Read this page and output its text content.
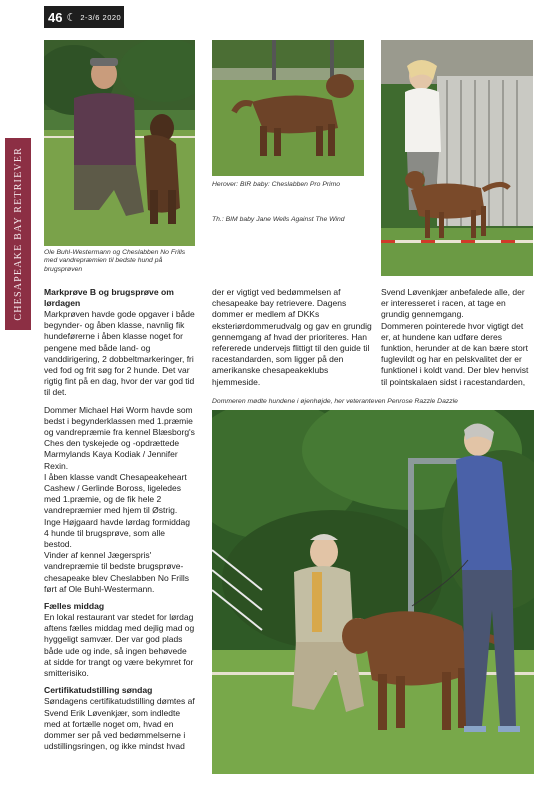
46 ☾ 2-3/6 2020
CHESAPEAKE BAY RETRIEVER	Ole Buhl-Westermann og Cheslabben No Frills med vandrepræmien til bedste hund på brugsprøven
Herover: BIR baby: Cheslabben Pro Primo
Th.: BIM baby Jane Wells Against The Wind
Markprøve B og brugsprøve om lørdagen

Markprøven havde gode opgaver i både begynder- og åben klasse, navnlig fik hundeførerne i åben klasse noget for pengene med både land- og vanddirigering, 2 dobbeltmarkeringer, fri ved fod og frit søg for 2 hunde. Det var rigtig fint på en dag, hvor der var god tid til det.

Dommer Michael Høi Worm havde som bedst i begynderklassen med 1.præmie og vandrepræmie fra kennel Blæsborg's Ches den tyskejede og -opdrættede Marmylands Kaya Kodiak / Jennifer Rexin.

I åben klasse vandt Chesapeakeheart Cashew / Gerlinde Boross, ligeledes med 1.præmie, og de fik hele 2 vandrepræmier med hjem til Østrig.

Inge Højgaard havde lørdag formiddag 4 hunde til brugsprøve, som alle bestod.

Vinder af kennel Jægerspris' vandrepræmie til bedste brugsprøve-chesapeake blev Cheslabben No Frills ført af Ole Buhl-Westermann.

Fælles middag

En lokal restaurant var stedet for lørdag aftens fælles middag med dejlig mad og hyggeligt samvær. Der var god plads både ude og inde, så ingen behøvede at sidde for trangt og være bekymret for smitterisiko.

Certifikatudstilling søndag

Søndagens certifikatudstilling dømtes af Svend Erik Løvenkjær, som indledte med at fortælle noget om, hvad en dommer ser på ved bedømmelserne i udstillingsringen, og ikke mindst hvad

der er vigtigt ved bedømmelsen af chesapeake bay retrievere. Dagens dommer er medlem af DKKs eksteriørdommerudvalg og gav en grundig gennemgang af hvad der prioriteres. Han refererede undervejs flittigt til den guide til racestandarden, som ligger på den amerikanske chesapeakeklubs hjemmeside.

Svend Løvenkjær anbefalede alle, der er interesseret i racen, at tage en grundig gennemgang.

Dommeren pointerede hvor vigtigt det er, at hundene kan udføre deres funktion, herunder at de kan bære stort fuglevildt og har en pelskvalitet der er funktionel i koldt vand. Der blev henvist til pointskalaen sidst i racestandarden,

Dommeren mødte hundene i øjenhøjde, her veteranteven Penrose Razzle Dazzle
